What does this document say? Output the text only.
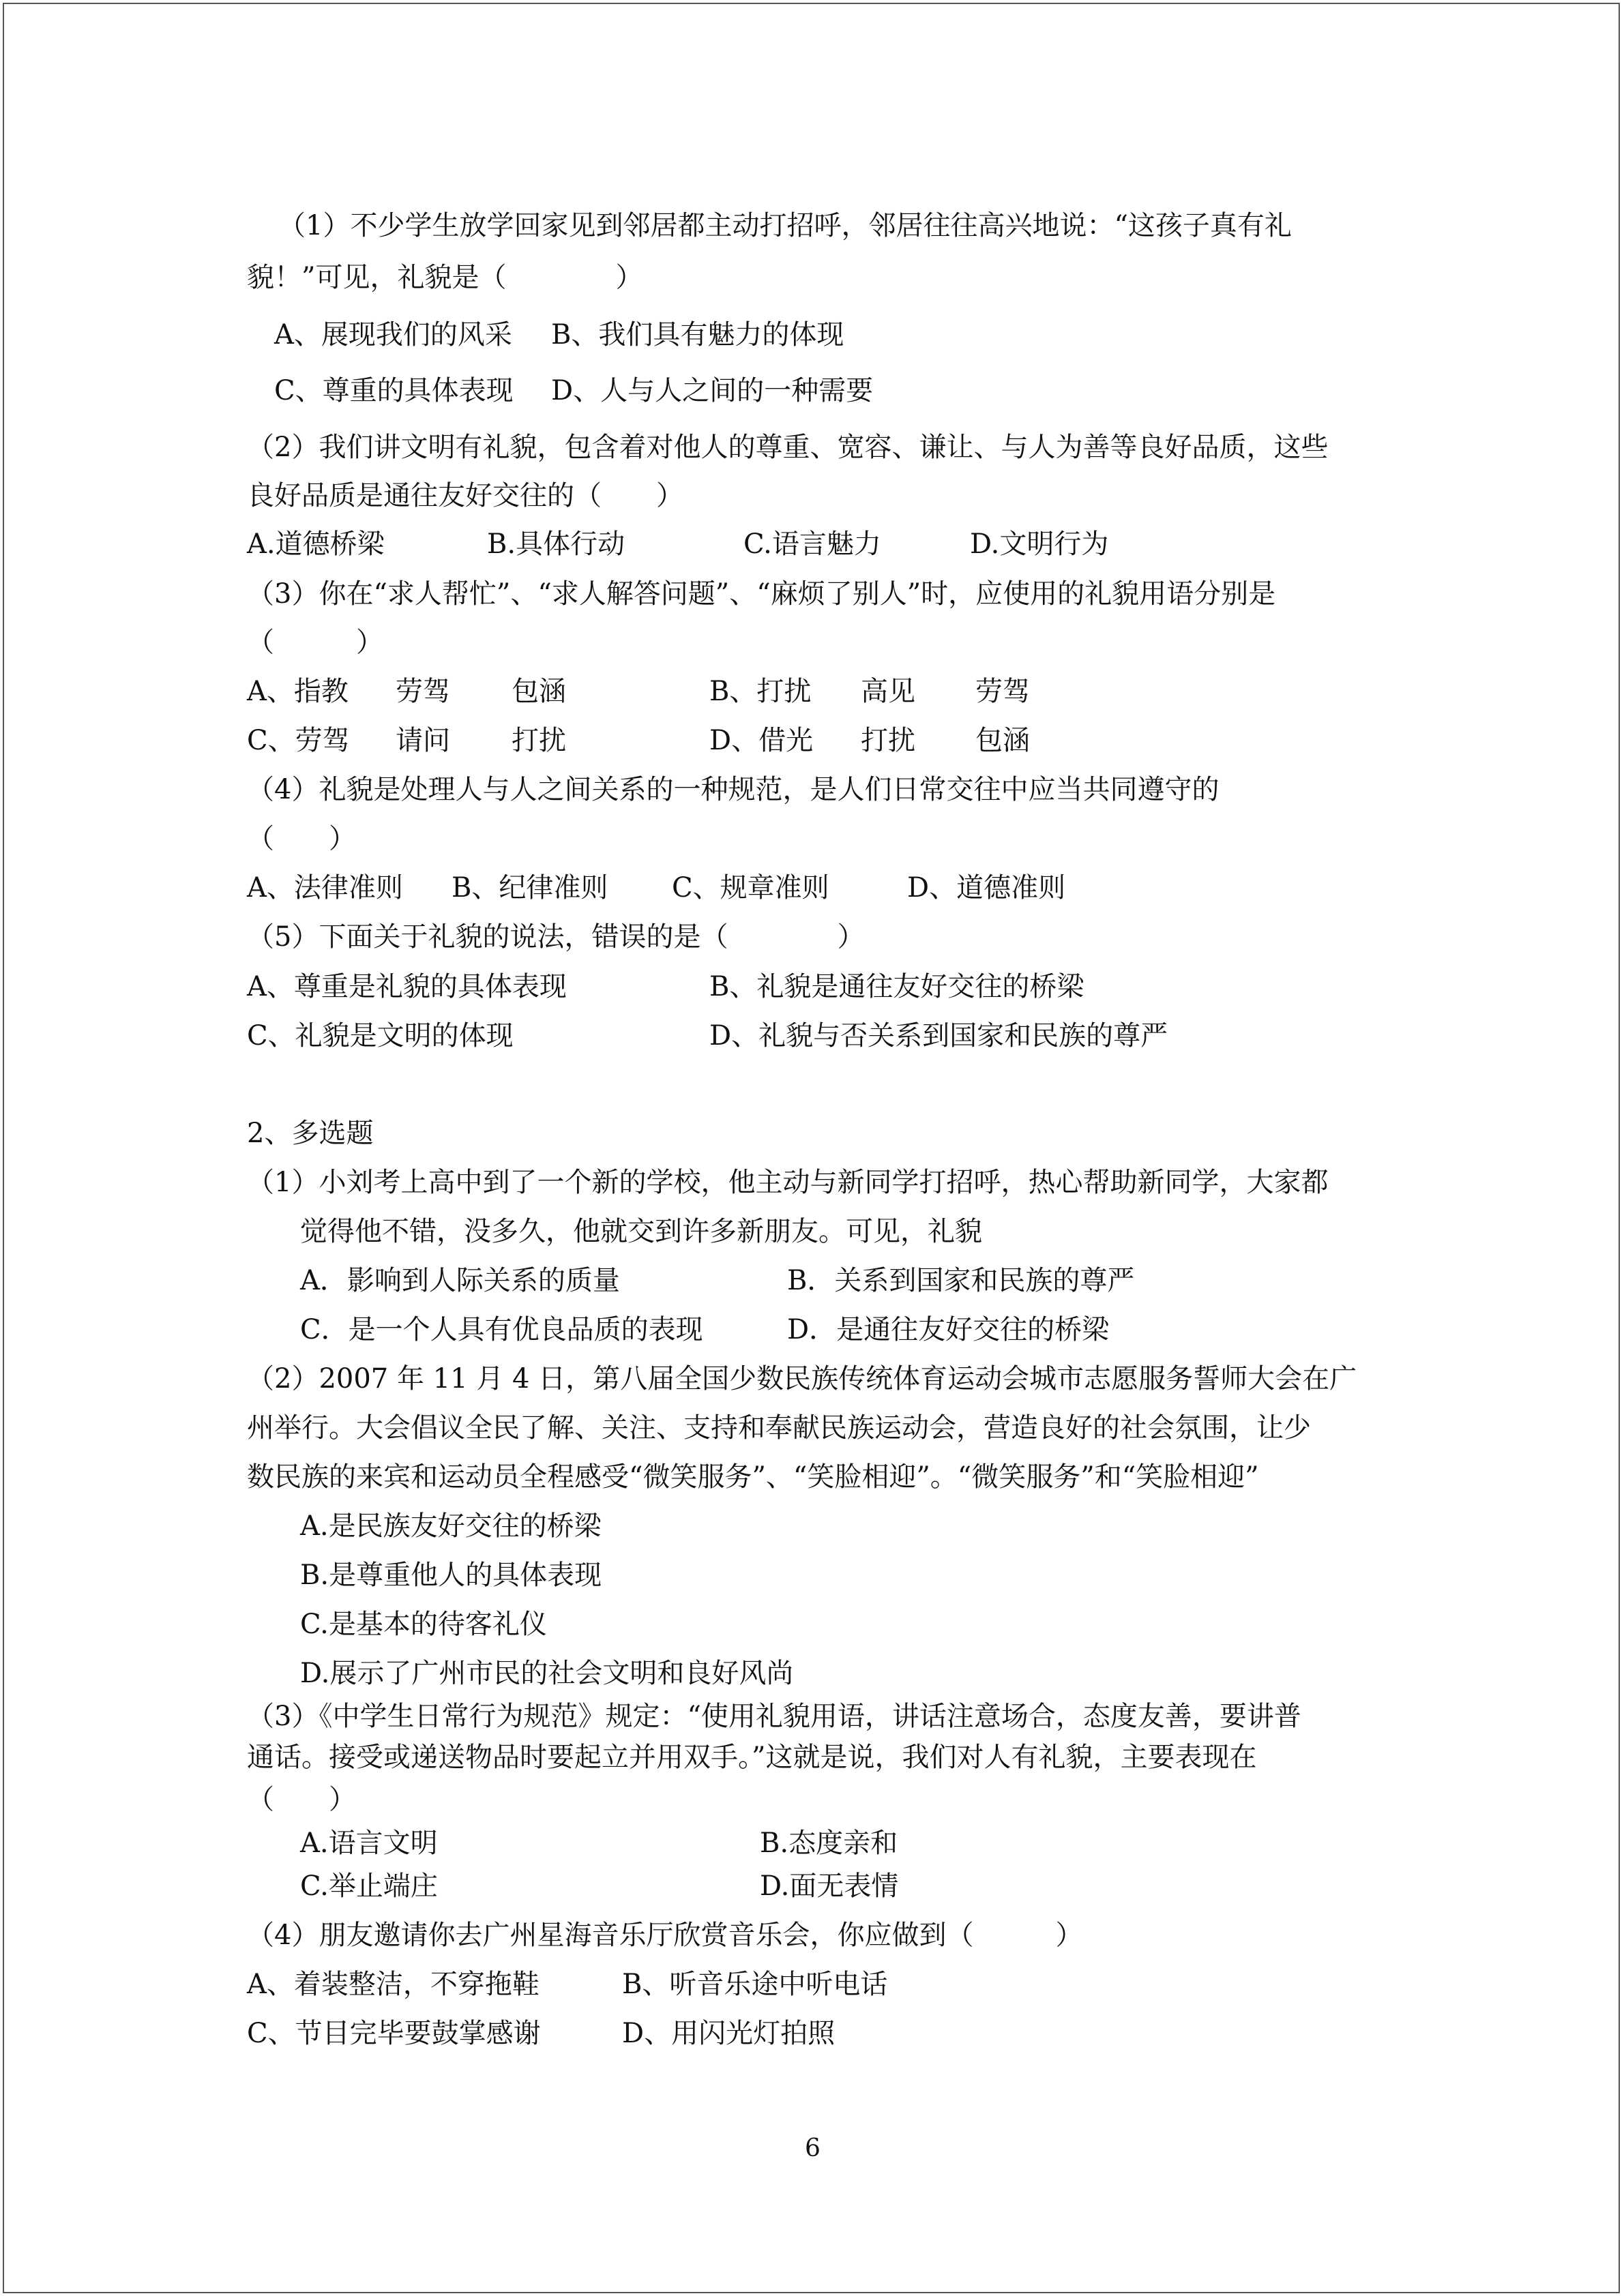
（1）不少学生放学回家见到邻居都主动打招呼，邻居往往高兴地说：“这孩子真有礼
貌！”可见，礼貌是（　　　　）
A、展现我们的风采 B、我们具有魅力的体现
C、尊重的具体表现 D、人与人之间的一种需要
（2）我们讲文明有礼貌，包含着对他人的尊重、宽容、谦让、与人为善等良好品质，这些
良好品质是通往友好交往的（　　）
A.道德桥梁	B.具体行动	C.语言魅力	D.文明行为
（3）你在“求人帮忙”、“求人解答问题”、“麻烦了别人”时，应使用的礼貌用语分别是
（　　　）
A、指教 劳驾 包涵	B、打扰 高见 劳驾
C、劳驾 请问 打扰	D、借光 打扰 包涵
（4）礼貌是处理人与人之间关系的一种规范，是人们日常交往中应当共同遵守的
（　　）
A、法律准则 B、纪律准则 C、规章准则	D、道德准则
（5）下面关于礼貌的说法，错误的是（　　　　）
A、尊重是礼貌的具体表现	B、礼貌是通往友好交往的桥梁
C、礼貌是文明的体现	D、礼貌与否关系到国家和民族的尊严
2、多选题
（1）小刘考上高中到了一个新的学校，他主动与新同学打招呼，热心帮助新同学，大家都
觉得他不错，没多久，他就交到许多新朋友。可见，礼貌
A．影响到人际关系的质量	B．关系到国家和民族的尊严
C．是一个人具有优良品质的表现	D．是通往友好交往的桥梁
（2）2007 年 11 月 4 日，第八届全国少数民族传统体育运动会城市志愿服务誓师大会在广
州举行。大会倡议全民了解、关注、支持和奉献民族运动会，营造良好的社会氛围，让少
数民族的来宾和运动员全程感受“微笑服务”、“笑脸相迎”。“微笑服务”和“笑脸相迎”
A.是民族友好交往的桥梁
B.是尊重他人的具体表现
C.是基本的待客礼仪
D.展示了广州市民的社会文明和良好风尚
（3）《中学生日常行为规范》规定：“使用礼貌用语，讲话注意场合，态度友善，要讲普
通话。接受或递送物品时要起立并用双手。”这就是说，我们对人有礼貌，主要表现在
（　　）
A.语言文明	B.态度亲和
C.举止端庄	D.面无表情
（4）朋友邀请你去广州星海音乐厅欣赏音乐会，你应做到（　　　）
A、着装整洁，不穿拖鞋	B、听音乐途中听电话
C、节目完毕要鼓掌感谢	D、用闪光灯拍照
6
